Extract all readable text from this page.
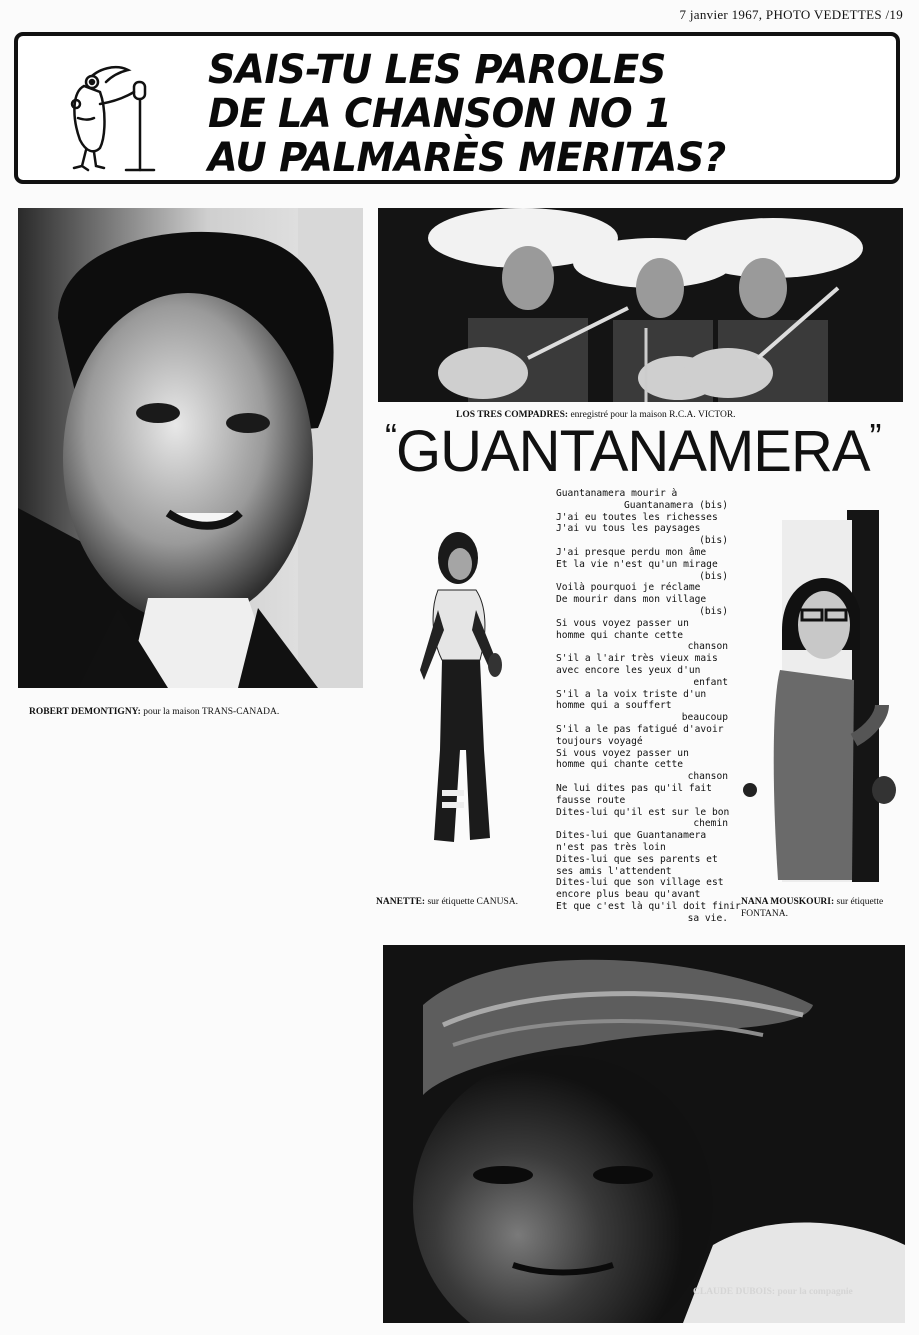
7 janvier 1967, PHOTO VEDETTES /19
SAIS-TU LES PAROLES
DE LA CHANSON NO 1
AU PALMARÈS MERITAS?
ROBERT DEMONTIGNY: pour la maison TRANS-CANADA.
LOS TRES COMPADRES: enregistré pour la maison R.C.A. VICTOR.
“GUANTANAMERA”
NANETTE: sur étiquette CANUSA.
Guantanamera mourir à
Guantanamera (bis)
J'ai eu toutes les richesses
J'ai vu tous les paysages
(bis)
J'ai presque perdu mon âme
Et la vie n'est qu'un mirage
(bis)
Voilà pourquoi je réclame
De mourir dans mon village
(bis)
Si vous voyez passer un
homme qui chante cette
chanson
S'il a l'air très vieux mais
avec encore les yeux d'un
enfant
S'il a la voix triste d'un
homme qui a souffert
beaucoup
S'il a le pas fatigué d'avoir
toujours voyagé
Si vous voyez passer un
homme qui chante cette
chanson
Ne lui dites pas qu'il fait
fausse route
Dites-lui qu'il est sur le bon
chemin
Dites-lui que Guantanamera
n'est pas très loin
Dites-lui que ses parents et
ses amis l'attendent
Dites-lui que son village est
encore plus beau qu'avant
Et que c'est là qu'il doit finir
sa vie.
NANA MOUSKOURI: sur étiquette FONTANA.
CLAUDE DUBOIS: pour la compagnie
